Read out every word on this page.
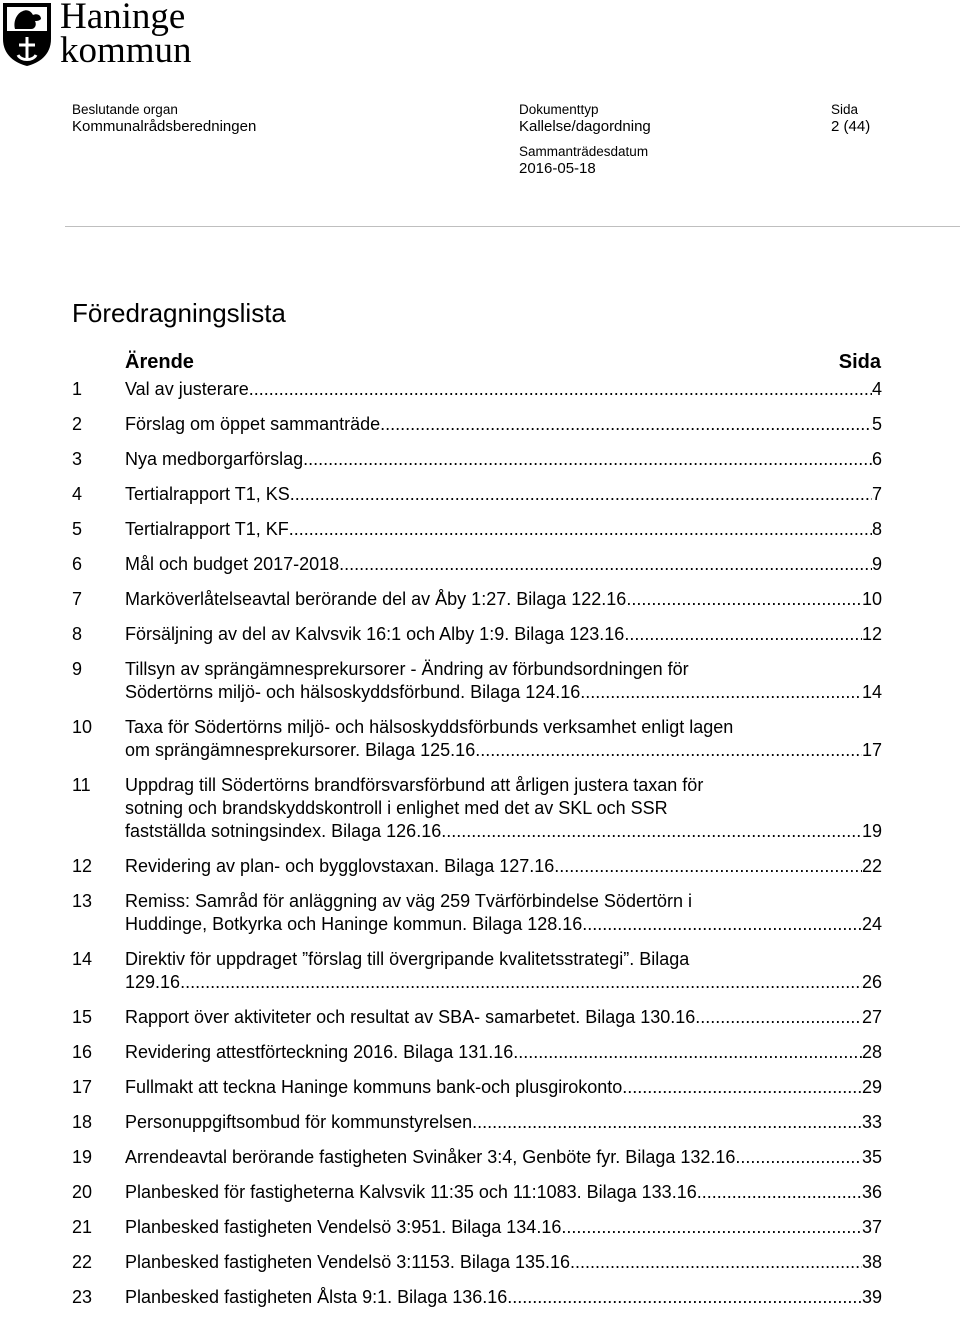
Haninge
kommun
Beslutande organ
Kommunalrådsberedningen
Dokumenttyp
Kallelse/dagordning
Sida
2 (44)
Sammanträdesdatum
2016-05-18
Föredragningslista
Ärende	Sida
1	Val av justerare .....	4
2	Förslag om öppet sammanträde .....	5
3	Nya medborgarförslag .....	6
4	Tertialrapport T1, KS .....	7
5	Tertialrapport T1, KF .....	8
6	Mål och budget 2017-2018 .....	9
7	Marköverlåtelseavtal berörande del av Åby 1:27. Bilaga 122.16 .....	10
8	Försäljning av del av Kalvsvik 16:1 och Alby 1:9. Bilaga 123.16 .....	12
9	Tillsyn av sprängämnesprekursorer - Ändring av förbundsordningen för
Södertörns miljö- och hälsoskyddsförbund. Bilaga 124.16 .....	14
10	Taxa för Södertörns miljö- och hälsoskyddsförbunds verksamhet enligt lagen
om sprängämnesprekursorer. Bilaga 125.16 .....	17
11	Uppdrag till Södertörns brandförsvarsförbund att årligen justera taxan för
sotning och brandskyddskontroll i enlighet med det av SKL och SSR
fastställda sotningsindex. Bilaga 126.16 .....	19
12	Revidering av plan- och bygglovstaxan. Bilaga 127.16 .....	22
13	Remiss: Samråd för anläggning av väg 259 Tvärförbindelse Södertörn i
Huddinge, Botkyrka och Haninge kommun. Bilaga 128.16 .....	24
14	Direktiv för uppdraget ”förslag till övergripande kvalitetsstrategi”. Bilaga
129.16 .....	26
15	Rapport över aktiviteter och resultat av SBA- samarbetet. Bilaga 130.16 .....	27
16	Revidering attestförteckning 2016. Bilaga 131.16 .....	28
17	Fullmakt att teckna Haninge kommuns bank-och plusgirokonto .....	29
18	Personuppgiftsombud för kommunstyrelsen .....	33
19	Arrendeavtal berörande fastigheten Svinåker 3:4, Genböte fyr. Bilaga 132.16 .....	35
20	Planbesked för fastigheterna Kalvsvik 11:35 och 11:1083. Bilaga 133.16 .....	36
21	Planbesked fastigheten Vendelsö 3:951. Bilaga 134.16 .....	37
22	Planbesked fastigheten Vendelsö 3:1153. Bilaga 135.16 .....	38
23	Planbesked fastigheten Ålsta 9:1. Bilaga 136.16 .....	39
